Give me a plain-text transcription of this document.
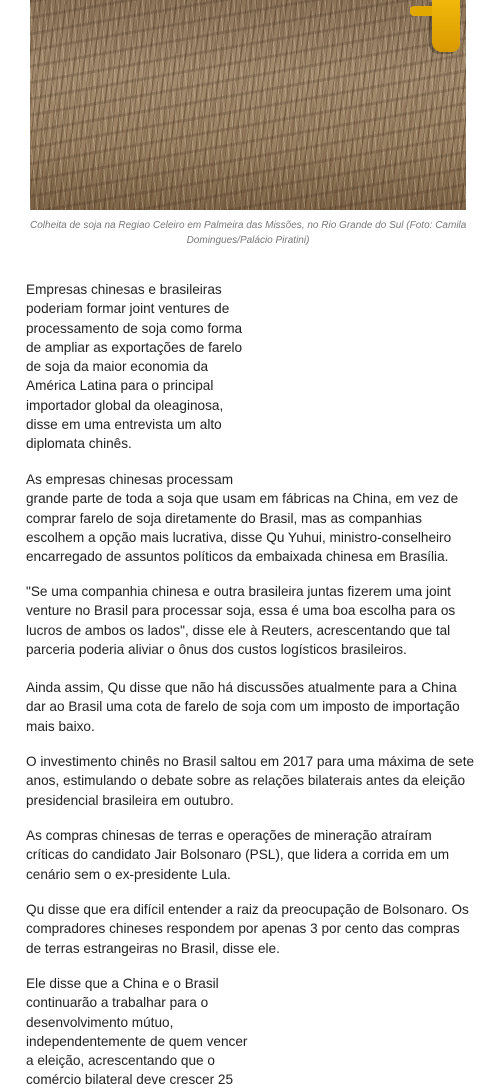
Colheita de soja na Regiao Celeiro em Palmeira das Missões, no Rio Grande do Sul (Foto: Camila
Domingues/Palácio Piratini)

Empresas chinesas e brasileiras
poderiam formar joint ventures de
processamento de soja como forma
de ampliar as exportações de farelo
de soja da maior economia da
América Latina para o principal
importador global da oleaginosa,
disse em uma entrevista um alto
diplomata chinês.

As empresas chinesas processam
grande parte de toda a soja que usam em fábricas na China, em vez de
comprar farelo de soja diretamente do Brasil, mas as companhias
escolhem a opção mais lucrativa, disse Qu Yuhui, ministro-conselheiro
encarregado de assuntos políticos da embaixada chinesa em Brasília.

"Se uma companhia chinesa e outra brasileira juntas fizerem uma joint
venture no Brasil para processar soja, essa é uma boa escolha para os
lucros de ambos os lados", disse ele à Reuters, acrescentando que tal
parceria poderia aliviar o ônus dos custos logísticos brasileiros.

Ainda assim, Qu disse que não há discussões atualmente para a China
dar ao Brasil uma cota de farelo de soja com um imposto de importação
mais baixo.

O investimento chinês no Brasil saltou em 2017 para uma máxima de sete
anos, estimulando o debate sobre as relações bilaterais antes da eleição
presidencial brasileira em outubro.

As compras chinesas de terras e operações de mineração atraíram
críticas do candidato Jair Bolsonaro (PSL), que lidera a corrida em um
cenário sem o ex-presidente Lula.

Qu disse que era difícil entender a raiz da preocupação de Bolsonaro. Os
compradores chineses respondem por apenas 3 por cento das compras
de terras estrangeiras no Brasil, disse ele.

Ele disse que a China e o Brasil
continuarão a trabalhar para o
desenvolvimento mútuo,
independentemente de quem vencer
a eleição, acrescentando que o
comércio bilateral deve crescer 25
